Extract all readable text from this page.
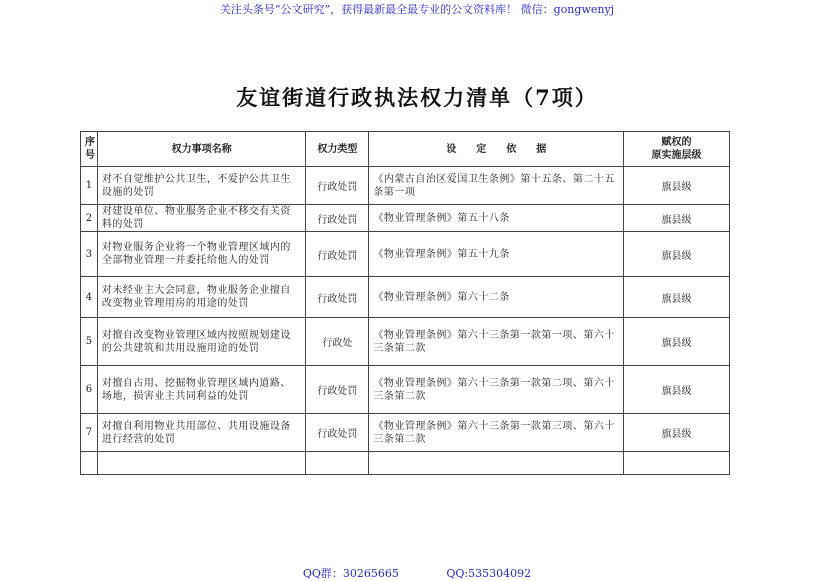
关注头条号“公文研究”，获得最新最全最专业的公文资料库！ 微信：gongwenyj
友谊街道行政执法权力清单（7项）
序号	权力事项名称	权力类型	设　　定　　依　　据	赋权的
原实施层级

1	对不自觉维护公共卫生，不爱护公共卫生设施的处罚	行政处罚	《内蒙古自治区爱国卫生条例》第十五条、第二十五　条第一项	旗县级
2	对建设单位、物业服务企业不移交有关资料的处罚	行政处罚	《物业管理条例》第五十八条	旗县级
3	对物业服务企业将一个物业管理区域内的全部物业管理一并委托给他人的处罚	行政处罚	《物业管理条例》第五十九条	旗县级
4	对未经业主大会同意，物业服务企业擅自改变物业管理用房的用途的处罚	行政处罚	《物业管理条例》第六十二条	旗县级
5	对擅自改变物业管理区域内按照规划建设的公共建筑和共用设施用途的处罚	行政处	《物业管理条例》第六十三条第一款第一项、第六十　三条第二款	旗县级
6	对擅自占用、挖掘物业管理区域内道路、场地，损害业主共同利益的处罚	行政处罚	《物业管理条例》第六十三条第一款第二项、第六十　三条第二款	旗县级
7	对擅自利用物业共用部位、共用设施设备进行经营的处罚	行政处罚	《物业管理条例》第六十三条第一款第三项、第六十　三条第二款	旗县级

QQ群：30265665	QQ:535304092
